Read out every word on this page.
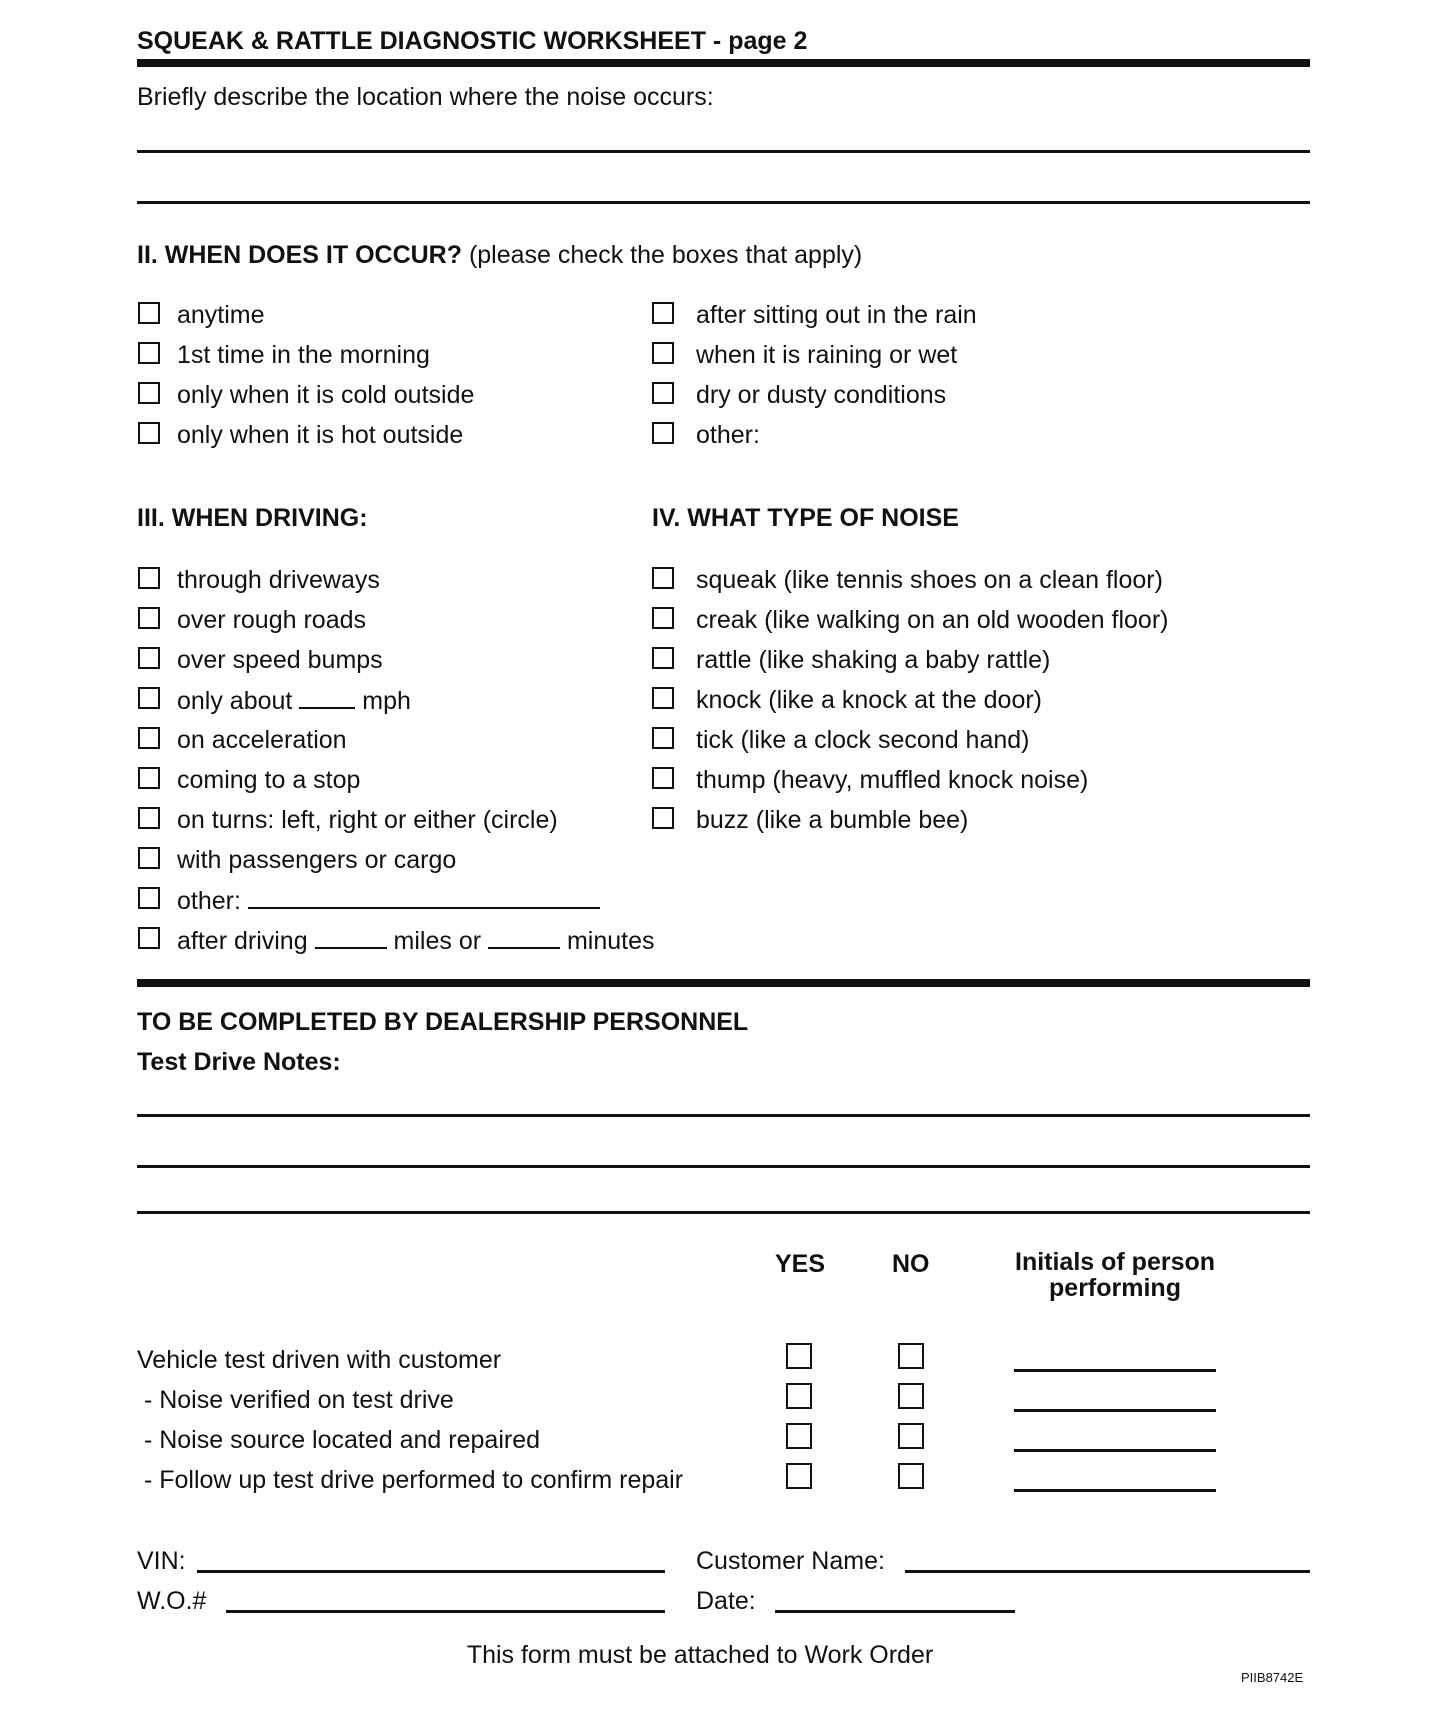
SQUEAK & RATTLE DIAGNOSTIC WORKSHEET - page 2
Briefly describe the location where the noise occurs:
II. WHEN DOES IT OCCUR? (please check the boxes that apply)
anytime
1st time in the morning
only when it is cold outside
only when it is hot outside
after sitting out in the rain
when it is raining or wet
dry or dusty conditions
other:
III. WHEN DRIVING:
through driveways
over rough roads
over speed bumps
only about	mph
on acceleration
coming to a stop
on turns: left, right or either (circle)
with passengers or cargo
other:
after driving	miles or	minutes
IV. WHAT TYPE OF NOISE
squeak (like tennis shoes on a clean floor)
creak (like walking on an old wooden floor)
rattle (like shaking a baby rattle)
knock (like a knock at the door)
tick (like a clock second hand)
thump (heavy, muffled knock noise)
buzz (like a bumble bee)
TO BE COMPLETED BY DEALERSHIP PERSONNEL
Test Drive Notes:
YES	NO	Initials of person
performing
Vehicle test driven with customer
- Noise verified on test drive
- Noise source located and repaired
- Follow up test drive performed to confirm repair
VIN:
W.O.#
Customer Name:
Date:
This form must be attached to Work Order
PIIB8742E
